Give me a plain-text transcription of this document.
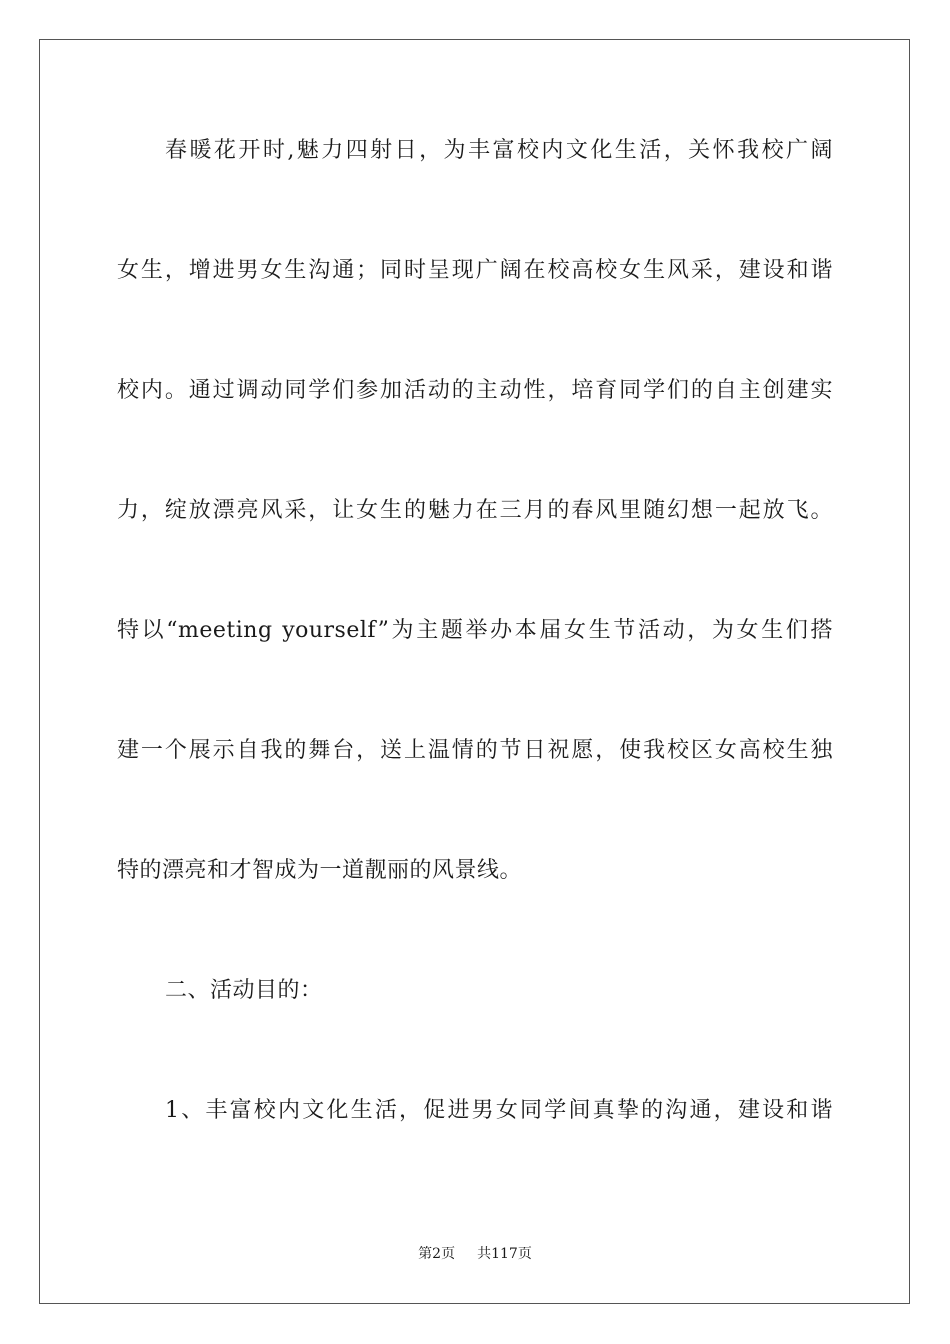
春暖花开时,魅力四射日，为丰富校内文化生活，关怀我校广阔
女生，增进男女生沟通；同时呈现广阔在校高校女生风采，建设和谐
校内。通过调动同学们参加活动的主动性，培育同学们的自主创建实
力，绽放漂亮风采，让女生的魅力在三月的春风里随幻想一起放飞。
特以“meeting yourself”为主题举办本届女生节活动，为女生们搭
建一个展示自我的舞台，送上温情的节日祝愿，使我校区女高校生独
特的漂亮和才智成为一道靓丽的风景线。
二、活动目的：
1、丰富校内文化生活，促进男女同学间真挚的沟通，建设和谐
第2页 共117页
